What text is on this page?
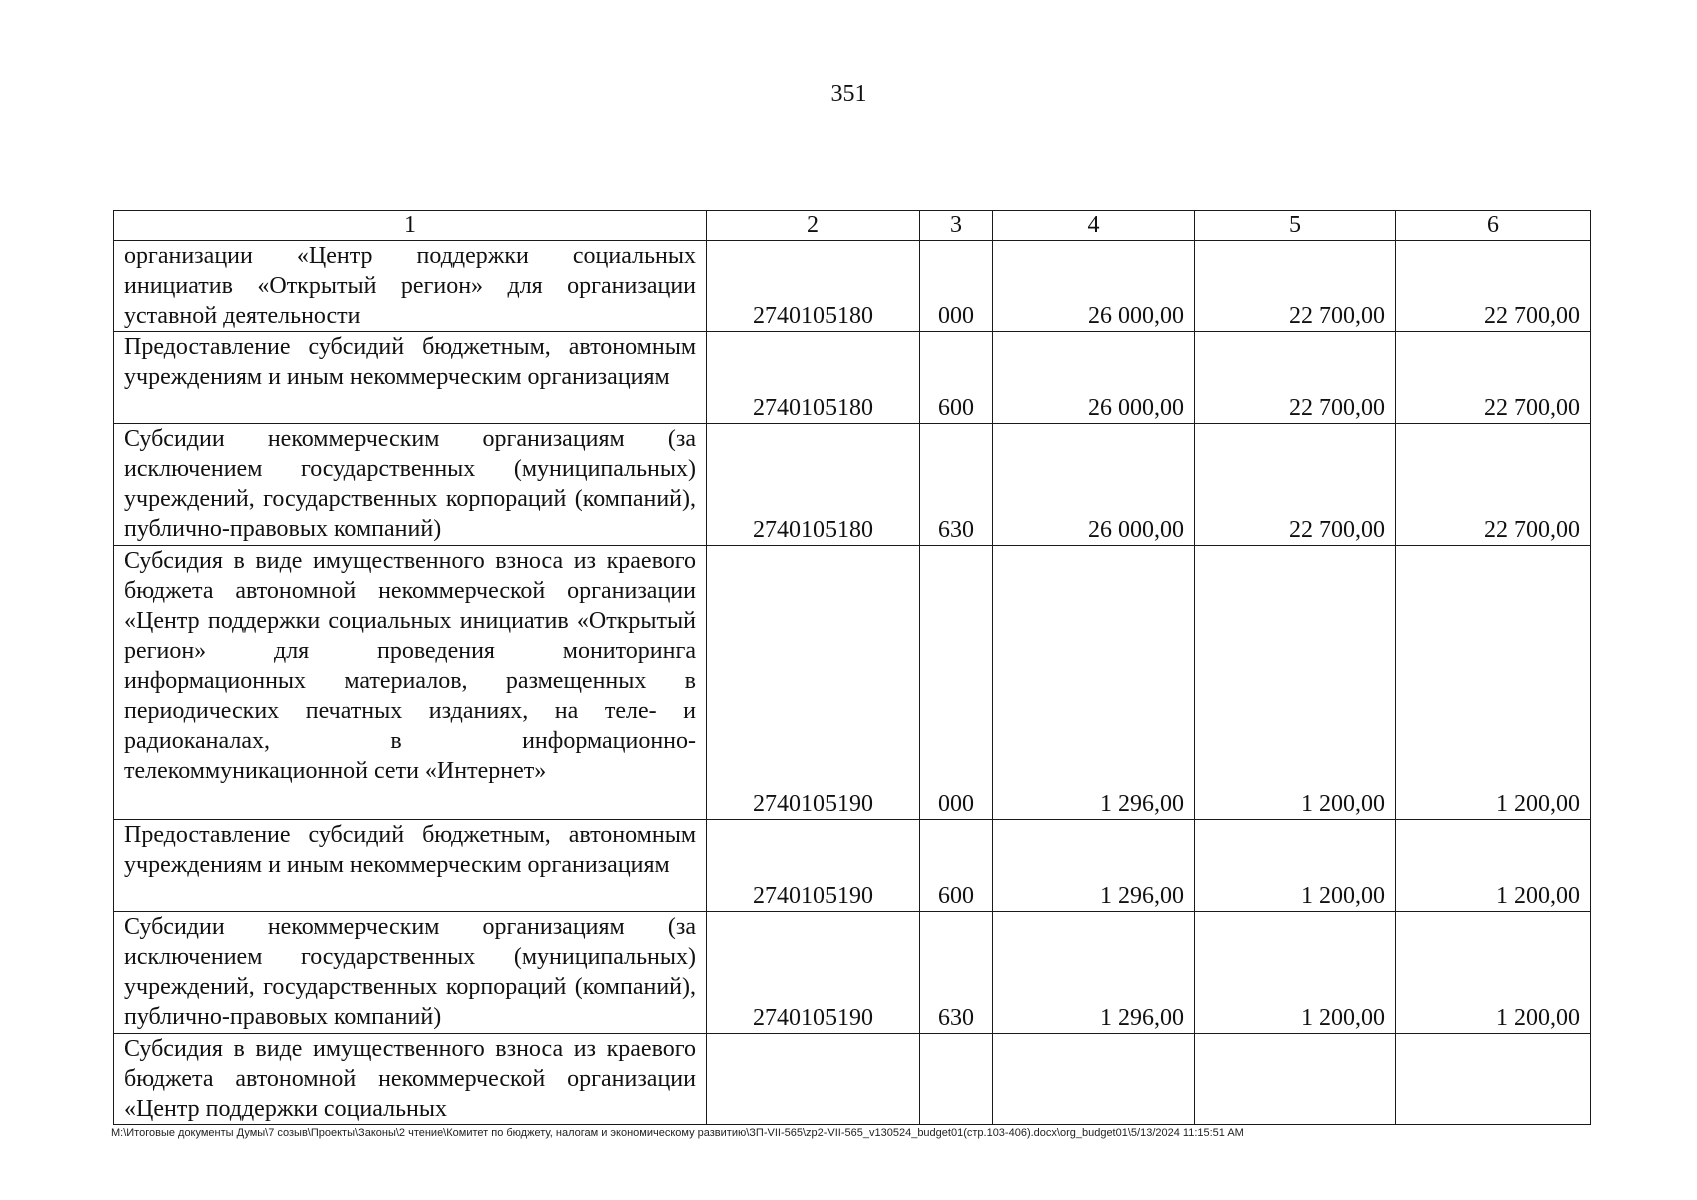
351
1	2	3	4	5	6
организации «Центр поддержки социальных инициатив «Открытый регион» для организации уставной деятельности	2740105180	000	26 000,00	22 700,00	22 700,00
Предоставление субсидий бюджетным, автономным учреждениям и иным некоммерческим организациям	2740105180	600	26 000,00	22 700,00	22 700,00
Субсидии некоммерческим организациям (за исключением государственных (муниципальных) учреждений, государственных корпораций (компаний), публично-правовых компаний)	2740105180	630	26 000,00	22 700,00	22 700,00
Субсидия в виде имущественного взноса из краевого бюджета автономной некоммерческой организации «Центр поддержки социальных инициатив «Открытый регион» для проведения мониторинга информационных материалов, размещенных в периодических печатных изданиях, на теле- и радиоканалах, в информационно-телекоммуникационной сети «Интернет»	2740105190	000	1 296,00	1 200,00	1 200,00
Предоставление субсидий бюджетным, автономным учреждениям и иным некоммерческим организациям	2740105190	600	1 296,00	1 200,00	1 200,00
Субсидии некоммерческим организациям (за исключением государственных (муниципальных) учреждений, государственных корпораций (компаний), публично-правовых компаний)	2740105190	630	1 296,00	1 200,00	1 200,00
Субсидия в виде имущественного взноса из краевого бюджета автономной некоммерческой организации «Центр поддержки социальных					
M:\Итоговые документы Думы\7 созыв\Проекты\Законы\2 чтение\Комитет по бюджету, налогам и экономическому развитию\ЗП-VII-565\zp2-VII-565_v130524_budget01(стр.103-406).docx\org_budget01\5/13/2024 11:15:51 AM
